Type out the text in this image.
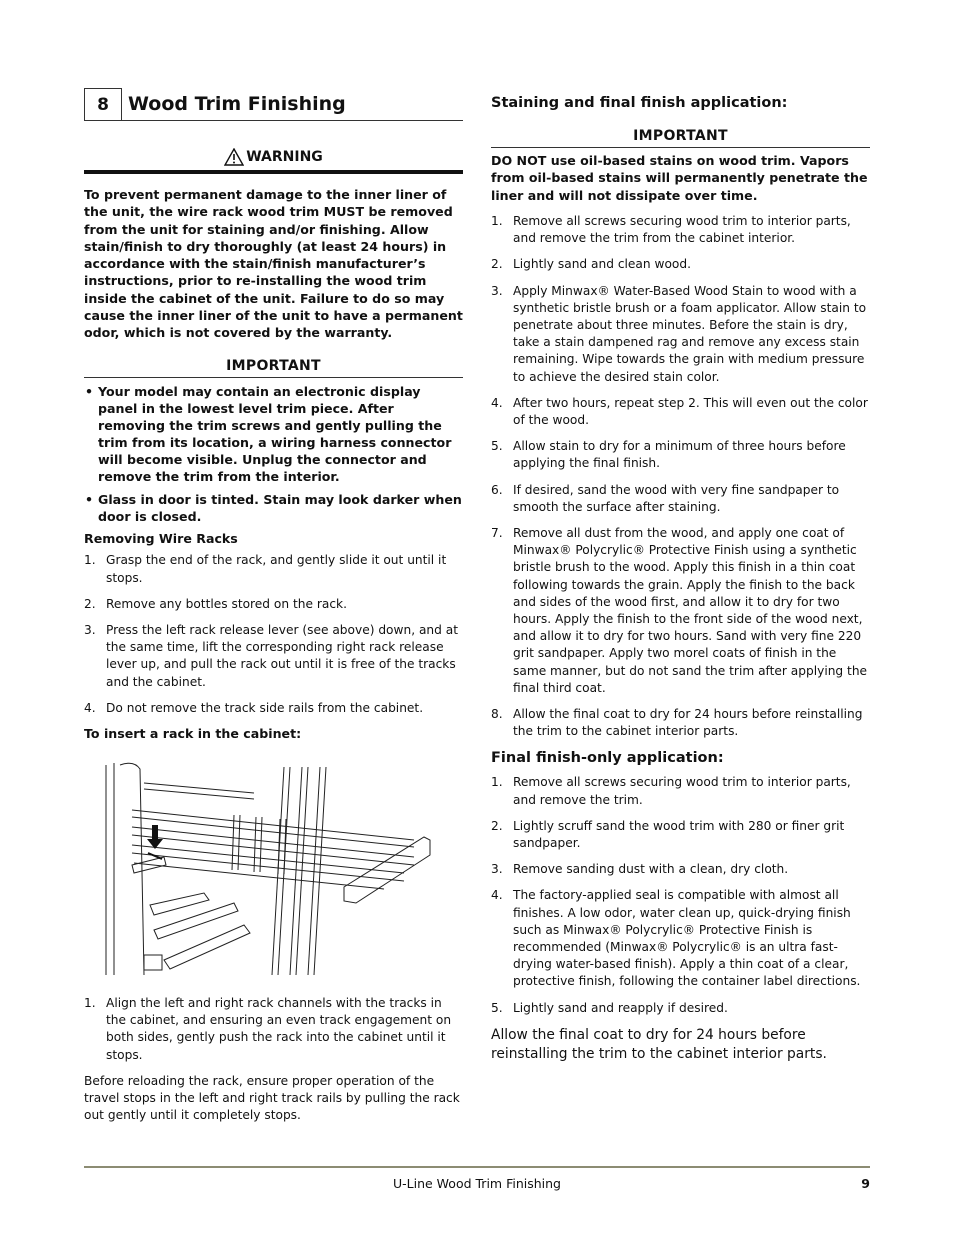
8	Wood Trim Finishing
WARNING

To prevent permanent damage to the inner liner of the unit, the wire rack wood trim MUST be removed from the unit for staining and/or finishing. Allow stain/finish to dry thoroughly (at least 24 hours) in accordance with the stain/finish manufacturer’s instructions, prior to re-installing the wood trim inside the cabinet of the unit. Failure to do so may cause the inner liner of the unit to have a permanent odor, which is not covered by the warranty.

IMPORTANT
• Your model may contain an electronic display panel in the lowest level trim piece. After removing the trim screws and gently pulling the trim from its location, a wiring harness connector will become visible. Unplug the connector and remove the trim from the interior.
• Glass in door is tinted. Stain may look darker when door is closed.
Removing Wire Racks
1. Grasp the end of the rack, and gently slide it out until it stops.
2. Remove any bottles stored on the rack.
3. Press the left rack release lever (see above) down, and at the same time, lift the corresponding right rack release lever up, and pull the rack out until it is free of the tracks and the cabinet.
4. Do not remove the track side rails from the cabinet.
To insert a rack in the cabinet:
1. Align the left and right rack channels with the tracks in the cabinet, and ensuring an even track engagement on both sides, gently push the rack into the cabinet until it stops.

Before reloading the rack, ensure proper operation of the travel stops in the left and right track rails by pulling the rack out gently until it completely stops.

Staining and final finish application:
IMPORTANT

DO NOT use oil-based stains on wood trim. Vapors from oil-based stains will permanently penetrate the liner and will not dissipate over time.

1. Remove all screws securing wood trim to interior parts, and remove the trim from the cabinet interior.
2. Lightly sand and clean wood.
3. Apply Minwax® Water-Based Wood Stain to wood with a synthetic bristle brush or a foam applicator. Allow stain to penetrate about three minutes. Before the stain is dry, take a stain dampened rag and remove any excess stain remaining. Wipe towards the grain with medium pressure to achieve the desired stain color.
4. After two hours, repeat step 2. This will even out the color of the wood.
5. Allow stain to dry for a minimum of three hours before applying the final finish.
6. If desired, sand the wood with very fine sandpaper to smooth the surface after staining.
7. Remove all dust from the wood, and apply one coat of Minwax® Polycrylic® Protective Finish using a synthetic bristle brush to the wood. Apply this finish in a thin coat following towards the grain. Apply the finish to the back and sides of the wood first, and allow it to dry for two hours. Apply the finish to the front side of the wood next, and allow it to dry for two hours. Sand with very fine 220 grit sandpaper. Apply two morel coats of finish in the same manner, but do not sand the trim after applying the final third coat.
8. Allow the final coat to dry for 24 hours before reinstalling the trim to the cabinet interior parts.
Final finish-only application:
1. Remove all screws securing wood trim to interior parts, and remove the trim.
2. Lightly scruff sand the wood trim with 280 or finer grit sandpaper.
3. Remove sanding dust with a clean, dry cloth.
4. The factory-applied seal is compatible with almost all finishes. A low odor, water clean up, quick-drying finish such as Minwax® Polycrylic® Protective Finish is recommended (Minwax® Polycrylic® is an ultra fast-drying water-based finish). Apply a thin coat of a clear, protective finish, following the container label directions.
5. Lightly sand and reapply if desired.

Allow the final coat to dry for 24 hours before reinstalling the trim to the cabinet interior parts.

U-Line Wood Trim Finishing	9
